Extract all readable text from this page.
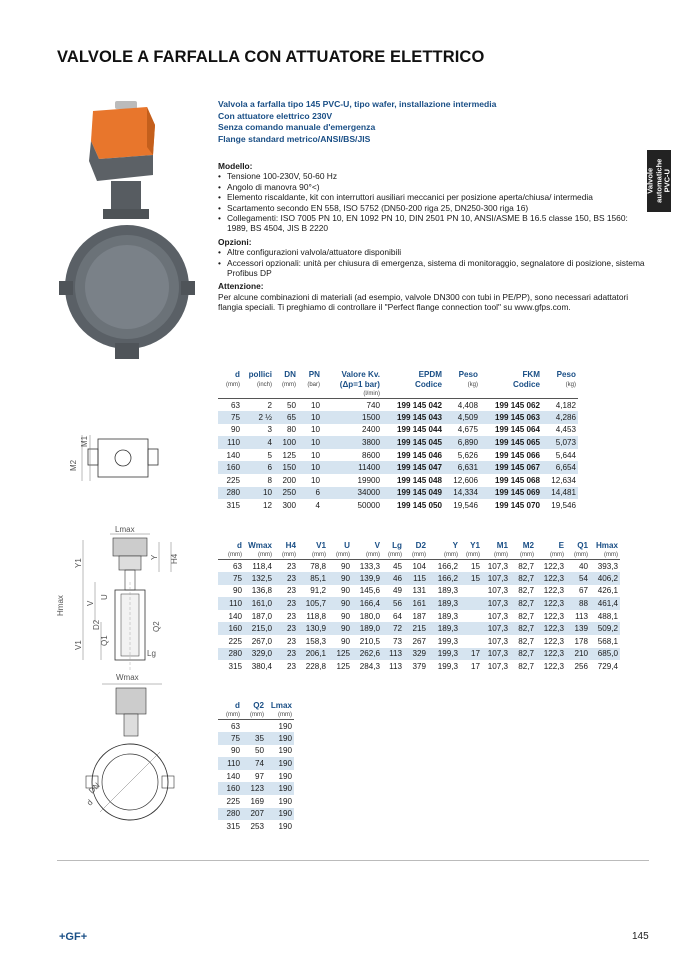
VALVOLE A FARFALLA CON ATTUATORE ELETTRICO
Valvole automatiche PVC-U
M2
M1
Lmax
Hmax
Y1
Y H4
V
U
V1
D2	Q2
Q1
Lg
Wmax
DN
d
Valvola a farfalla tipo 145 PVC-U, tipo wafer, installazione intermedia
Con attuatore elettrico 230V
Senza comando manuale d'emergenza
Flange standard metrico/ANSI/BS/JIS
Modello:
• Tensione 100-230V, 50-60 Hz
• Angolo di manovra 90°<)
• Elemento riscaldante, kit con interruttori ausiliari meccanici per posizione aperta/chiusa/ intermedia
• Scartamento secondo EN 558, ISO 5752 (DN50-200 riga 25, DN250-300 riga 16)
• Collegamenti: ISO 7005 PN 10, EN 1092 PN 10, DIN 2501 PN 10, ANSI/ASME B 16.5 classe 150, BS 1560: 1989, BS 4504, JIS B 2220
Opzioni:
• Altre configurazioni valvola/attuatore disponibili
• Accessori opzionali: unità per chiusura di emergenza, sistema di monitoraggio, segnalatore di posizione, sistema Profibus DP
Attenzione:
Per alcune combinazioni di materiali (ad esempio, valvole DN300 con tubi in PE/PP), sono necessari adattatori flangia speciali. Ti preghiamo di controllare il "Perfect flange connection tool" su www.gfps.com.
d	pollici	DN	PN	Valore Kv.	EPDM	Peso	FKM	Peso
(mm)	(inch)	(mm)	(bar)	(Δp=1 bar)	Codice	(kg)	Codice	(kg)
				(l/min)				
63	2	50	10	740	199 145 042	4,408	199 145 062	4,182
75	2 ½	65	10	1500	199 145 043	4,509	199 145 063	4,286
90	3	80	10	2400	199 145 044	4,675	199 145 064	4,453
110	4	100	10	3800	199 145 045	6,890	199 145 065	5,073
140	5	125	10	8600	199 145 046	5,626	199 145 066	5,644
160	6	150	10	11400	199 145 047	6,631	199 145 067	6,654
225	8	200	10	19900	199 145 048	12,606	199 145 068	12,634
280	10	250	6	34000	199 145 049	14,334	199 145 069	14,481
315	12	300	4	50000	199 145 050	19,546	199 145 070	19,546
d	Wmax	H4	V1	U	V	Lg	D2	Y	Y1	M1	M2	E	Q1	Hmax
(mm)	(mm)	(mm)	(mm)	(mm)	(mm)	(mm)	(mm)	(mm)	(mm)	(mm)	(mm)	(mm)	(mm)	(mm)
63	118,4	23	78,8	90	133,3	45	104	166,2	15	107,3	82,7	122,3	40	393,3
75	132,5	23	85,1	90	139,9	46	115	166,2	15	107,3	82,7	122,3	54	406,2
90	136,8	23	91,2	90	145,6	49	131	189,3		107,3	82,7	122,3	67	426,1
110	161,0	23	105,7	90	166,4	56	161	189,3		107,3	82,7	122,3	88	461,4
140	187,0	23	118,8	90	180,0	64	187	189,3		107,3	82,7	122,3	113	488,1
160	215,0	23	130,9	90	189,0	72	215	189,3		107,3	82,7	122,3	139	509,2
225	267,0	23	158,3	90	210,5	73	267	199,3		107,3	82,7	122,3	178	568,1
280	329,0	23	206,1	125	262,6	113	329	199,3	17	107,3	82,7	122,3	210	685,0
315	380,4	23	228,8	125	284,3	113	379	199,3	17	107,3	82,7	122,3	256	729,4
d	Q2	Lmax
(mm)	(mm)	(mm)
63		190
75	35	190
90	50	190
110	74	190
140	97	190
160	123	190
225	169	190
280	207	190
315	253	190
+GF+	145
